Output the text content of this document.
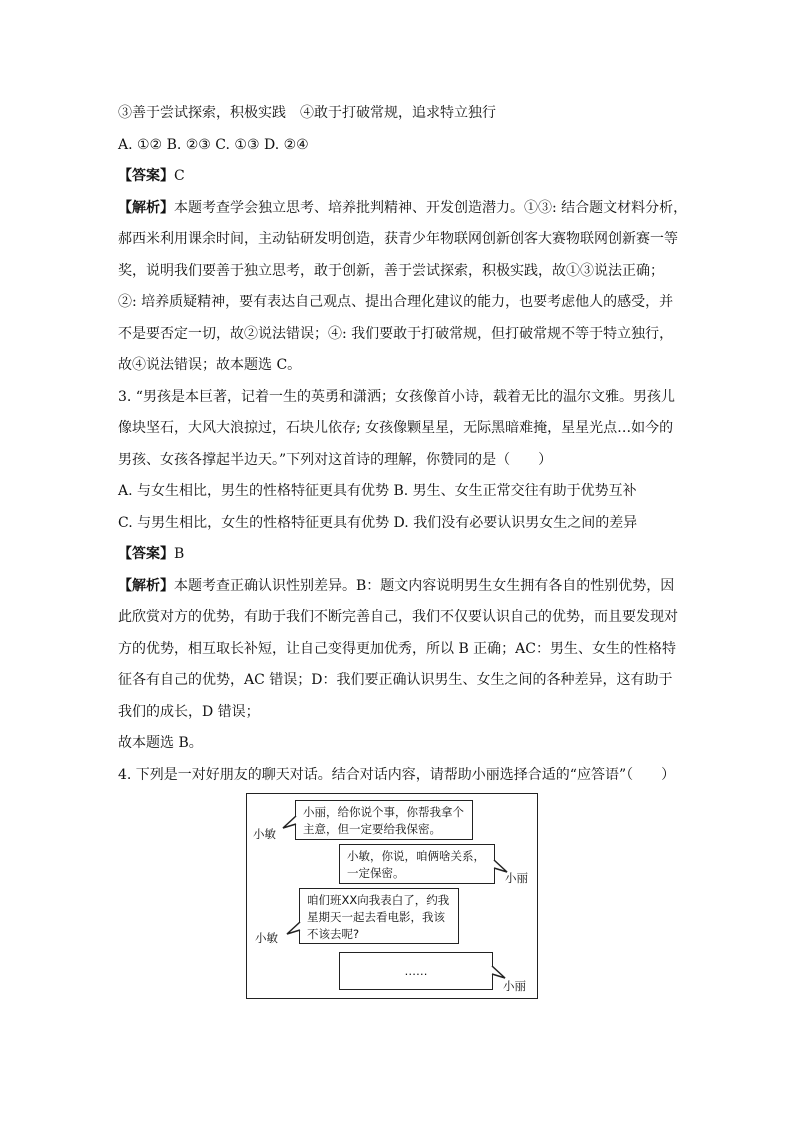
③善于尝试探索，积极实践　④敢于打破常规，追求特立独行
A. ①② B. ②③ C. ①③ D. ②④
【答案】C
【解析】本题考查学会独立思考、培养批判精神、开发创造潜力。①③: 结合题文材料分析，
郝西米利用课余时间，主动钻研发明创造，获青少年物联网创新创客大赛物联网创新赛一等
奖，说明我们要善于独立思考，敢于创新，善于尝试探索，积极实践，故①③说法正确；
②: 培养质疑精神，要有表达自己观点、提出合理化建议的能力，也要考虑他人的感受，并
不是要否定一切，故②说法错误；④: 我们要敢于打破常规，但打破常规不等于特立独行，
故④说法错误；故本题选 C。
3. “男孩是本巨著，记着一生的英勇和潇洒；女孩像首小诗，载着无比的温尔文雅。男孩儿
像块坚石，大风大浪掠过，石块儿依存; 女孩像颗星星，无际黑暗难掩，星星光点…如今的
男孩、女孩各撑起半边天。”下列对这首诗的理解，你赞同的是（　　）
A. 与女生相比，男生的性格特征更具有优势 B. 男生、女生正常交往有助于优势互补
C. 与男生相比，女生的性格特征更具有优势 D. 我们没有必要认识男女生之间的差异
【答案】B
【解析】本题考查正确认识性别差异。B：题文内容说明男生女生拥有各自的性别优势，因
此欣赏对方的优势，有助于我们不断完善自己，我们不仅要认识自己的优势，而且要发现对
方的优势，相互取长补短，让自己变得更加优秀，所以 B 正确；AC：男生、女生的性格特
征各有自己的优势，AC 错误；D：我们要正确认识男生、女生之间的各种差异，这有助于
我们的成长，D 错误；
故本题选 B。
4. 下列是一对好朋友的聊天对话。结合对话内容，请帮助小丽选择合适的“应答语”（　　）
小丽，给你说个事，你帮我拿个主意，但一定要给我保密。
小敏
小敏，你说，咱俩啥关系，一定保密。	小丽
咱们班XX向我表白了，约我星期天一起去看电影，我该不该去呢?
小敏
……
小丽
